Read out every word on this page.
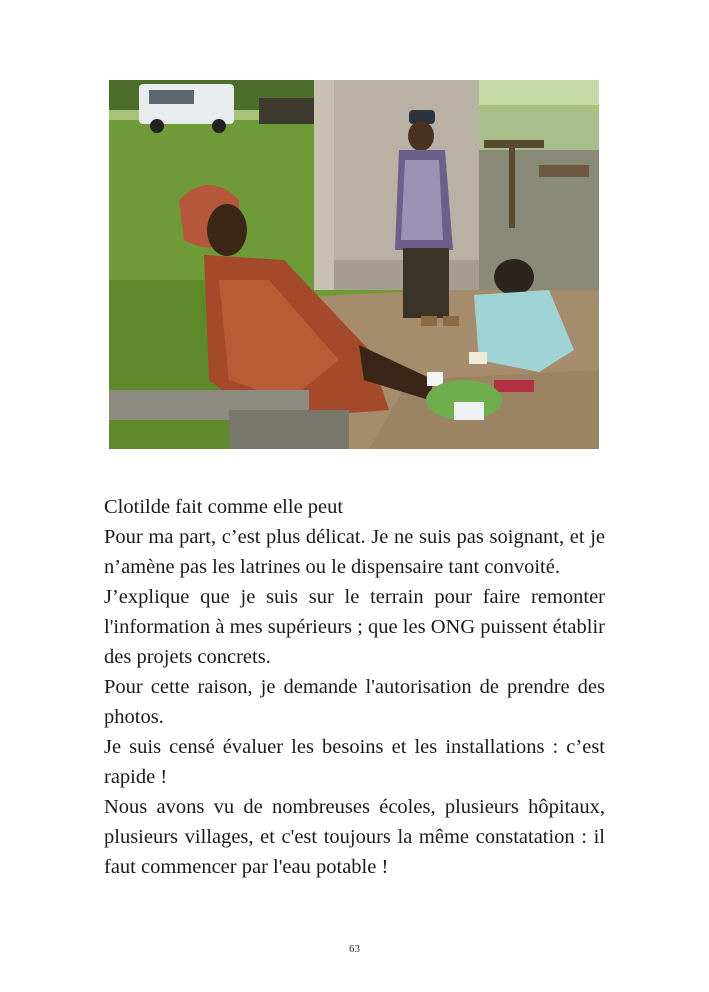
Clotilde fait comme elle peut

Pour ma part, c’est plus délicat. Je ne suis pas soignant, et je n’amène pas les latrines ou le dispensaire tant convoité.

J’explique que je suis sur le terrain pour faire remonter l'information à mes supérieurs ; que les ONG puissent établir des projets concrets.

Pour cette raison, je demande l'autorisation de prendre des photos.

Je suis censé évaluer les besoins et les installations : c’est rapide !

Nous avons vu de nombreuses écoles, plusieurs hôpitaux, plusieurs villages, et c'est toujours la même constatation : il faut commencer par l'eau potable !

63
